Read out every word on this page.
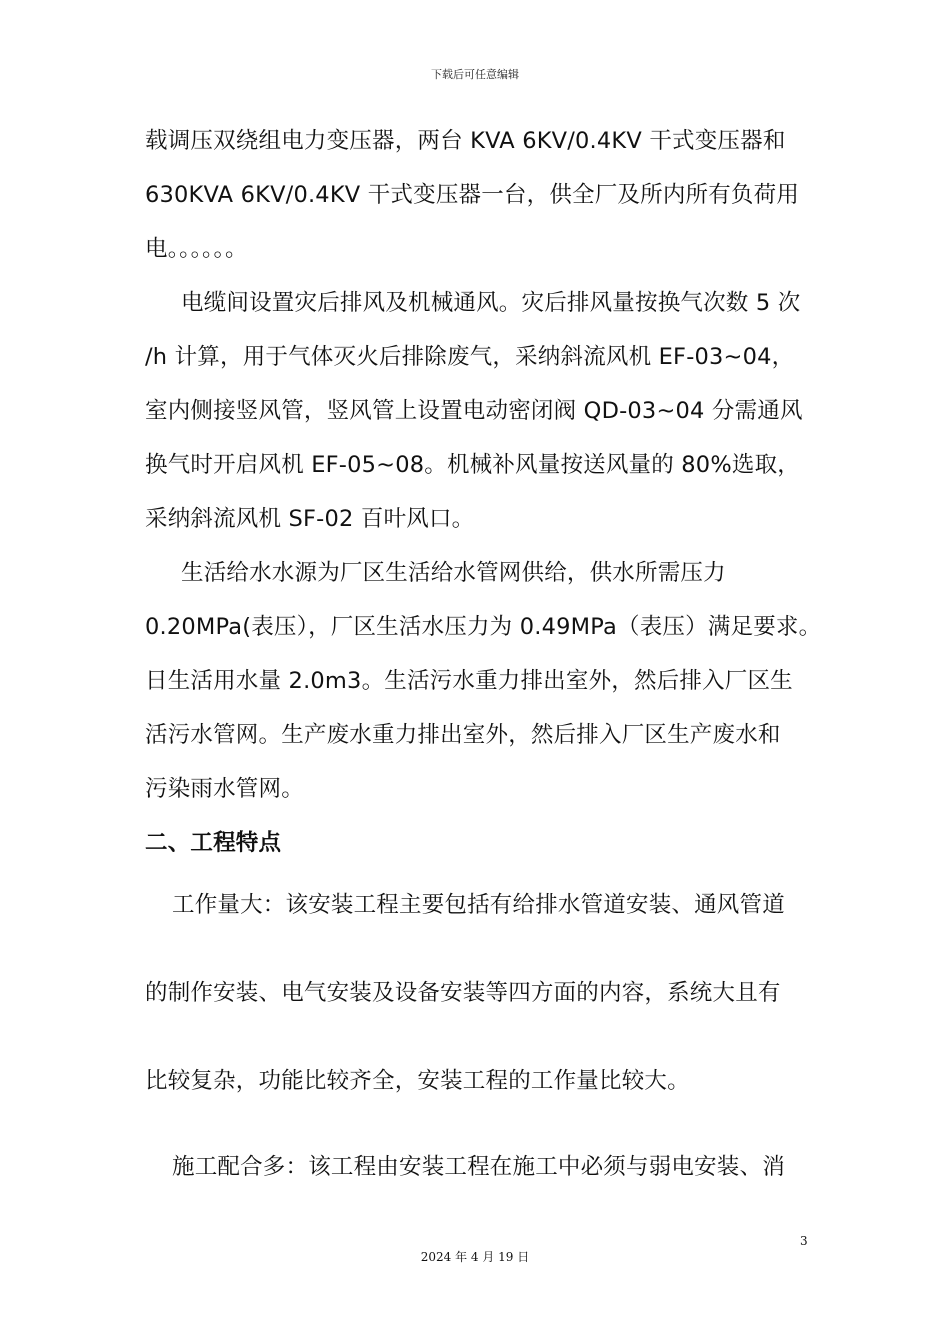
下载后可任意编辑
载调压双绕组电力变压器，两台 KVA 6KV/0.4KV 干式变压器和
630KVA 6KV/0.4KV 干式变压器一台，供全厂及所内所有负荷用
电。。。。。。
电缆间设置灾后排风及机械通风。灾后排风量按换气次数 5 次
/h 计算，用于气体灭火后排除废气，采纳斜流风机 EF-03~04，
室内侧接竖风管，竖风管上设置电动密闭阀 QD-03~04 分需通风
换气时开启风机 EF-05~08。机械补风量按送风量的 80%选取，
采纳斜流风机 SF-02 百叶风口。
生活给水水源为厂区生活给水管网供给，供水所需压力
0.20MPa(表压），厂区生活水压力为 0.49MPa（表压）满足要求。
日生活用水量 2.0m3。生活污水重力排出室外，然后排入厂区生
活污水管网。生产废水重力排出室外，然后排入厂区生产废水和
污染雨水管网。
二、工程特点
工作量大：该安装工程主要包括有给排水管道安装、通风管道
的制作安装、电气安装及设备安装等四方面的内容，系统大且有
比较复杂，功能比较齐全，安装工程的工作量比较大。
施工配合多：该工程由安装工程在施工中必须与弱电安装、消
3
2024 年 4 月 19 日
